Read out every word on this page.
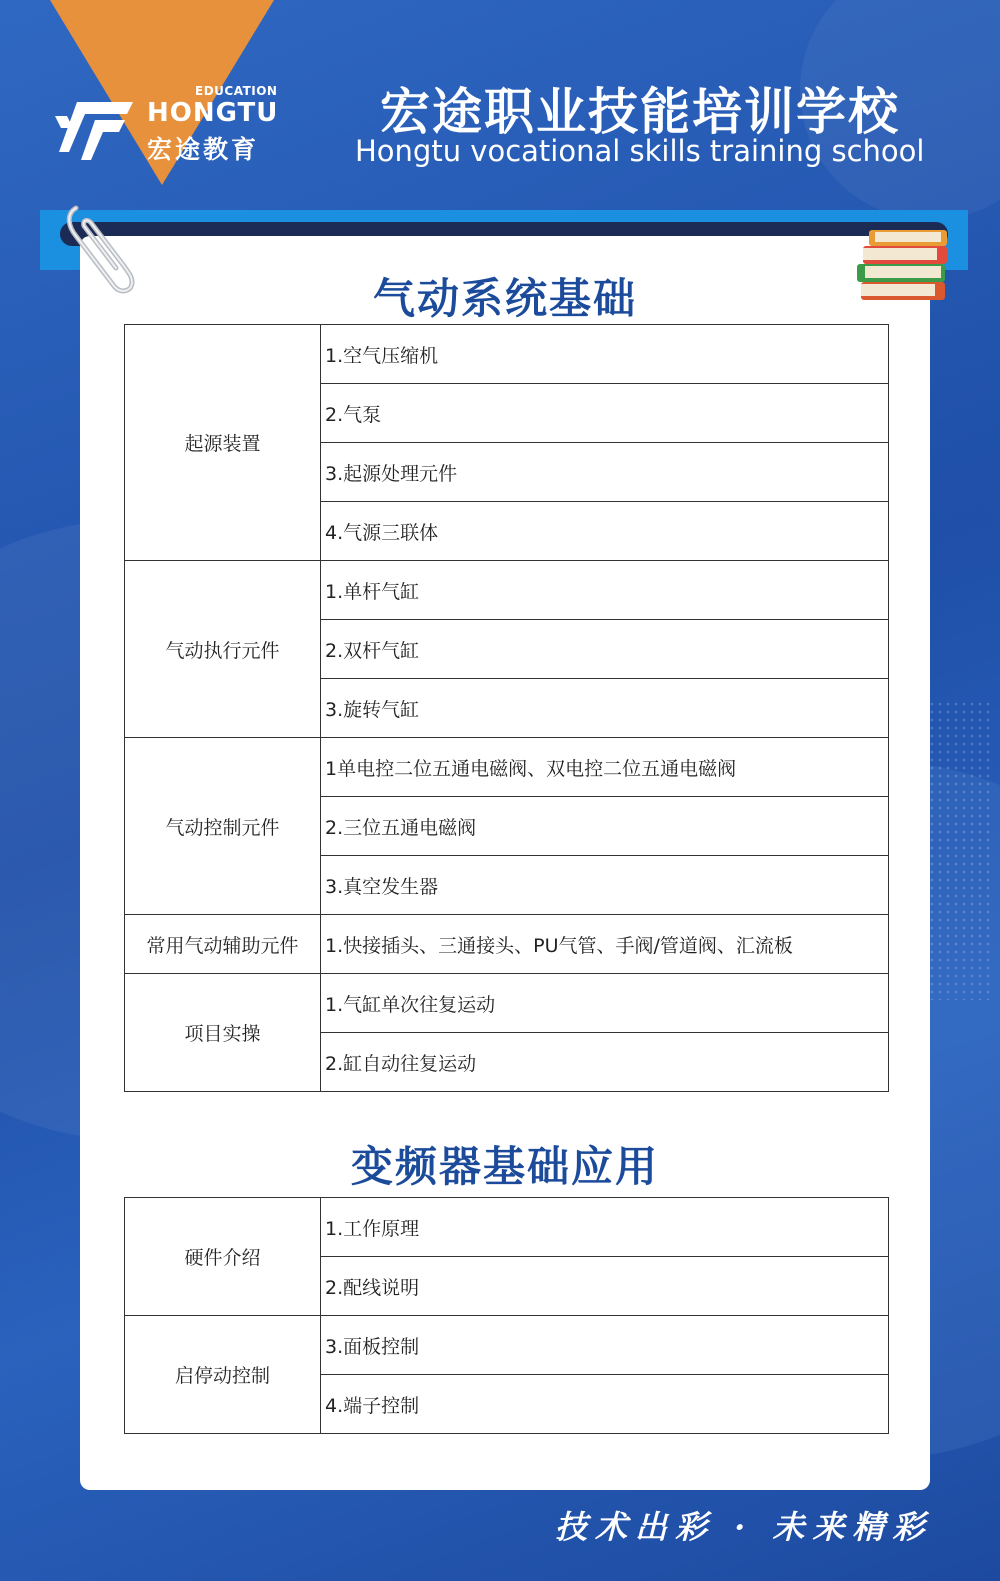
EDUCATION
HONGTU
宏途教育
宏途职业技能培训学校
Hongtu vocational skills training school
气动系统基础
起源装置	1.空气压缩机
	2.气泵
	3.起源处理元件
	4.气源三联体
气动执行元件	1.单杆气缸
	2.双杆气缸
	3.旋转气缸
气动控制元件	1单电控二位五通电磁阀、双电控二位五通电磁阀
	2.三位五通电磁阀
	3.真空发生器
常用气动辅助元件	1.快接插头、三通接头、PU气管、手阀/管道阀、汇流板
项目实操	1.气缸单次往复运动
	2.缸自动往复运动
变频器基础应用
硬件介绍	1.工作原理
	2.配线说明
启停动控制	3.面板控制
	4.端子控制
技术出彩 · 未来精彩
